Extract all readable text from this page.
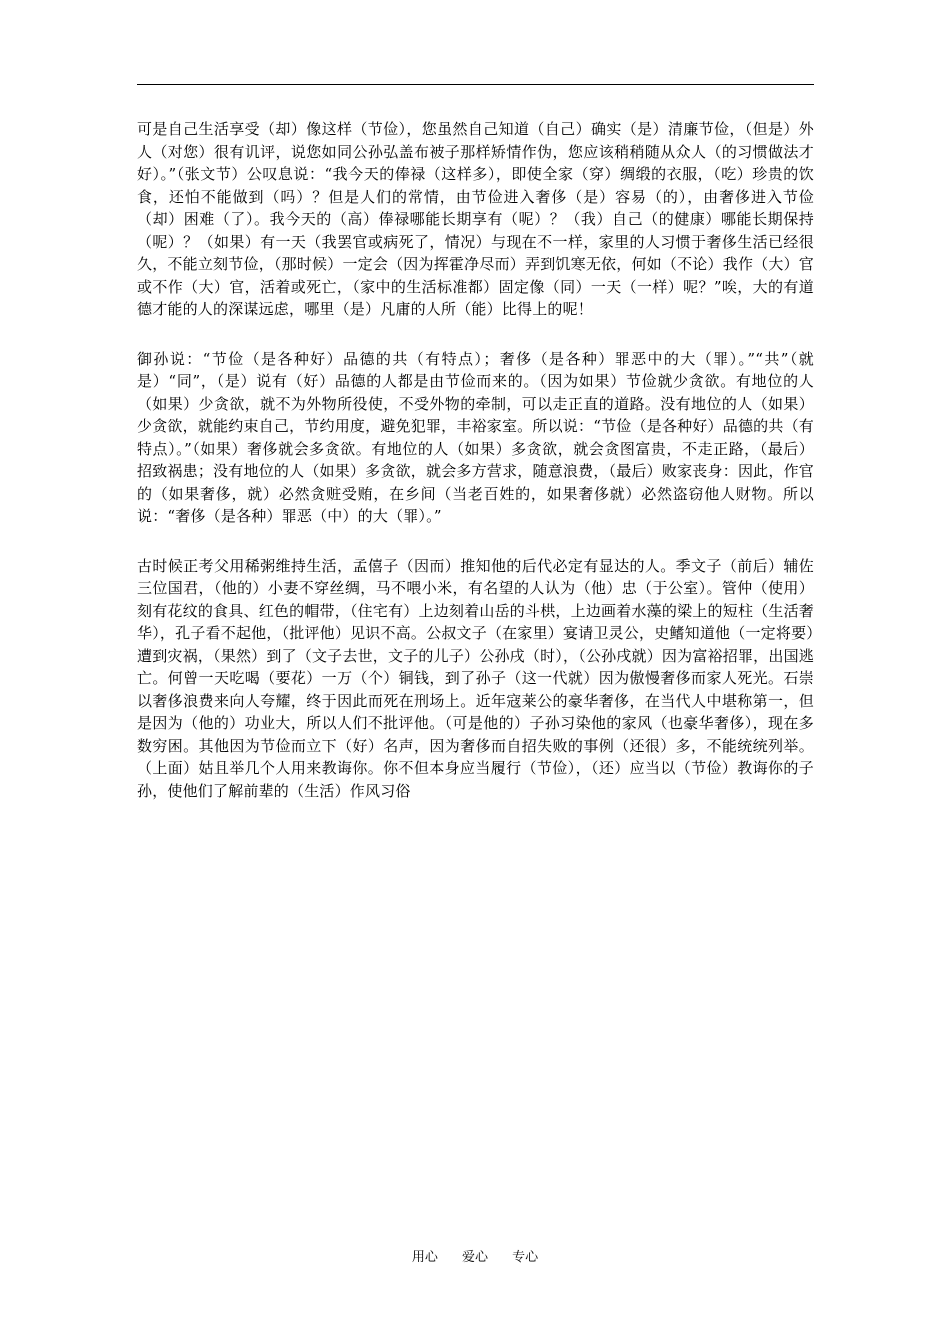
可是自己生活享受（却）像这样（节俭），您虽然自己知道（自己）确实（是）清廉节俭，（但是）外人（对您）很有讥评，说您如同公孙弘盖布被子那样矫情作伪，您应该稍稍随从众人（的习惯做法才好）。”（张文节）公叹息说：“我今天的俸禄（这样多），即使全家（穿）绸缎的衣服，（吃）珍贵的饮食，还怕不能做到（吗）？但是人们的常情，由节俭进入奢侈（是）容易（的），由奢侈进入节俭（却）困难（了）。我今天的（高）俸禄哪能长期享有（呢）？（我）自己（的健康）哪能长期保持（呢）？（如果）有一天（我罢官或病死了，情况）与现在不一样，家里的人习惯于奢侈生活已经很久，不能立刻节俭，（那时候）一定会（因为挥霍净尽而）弄到饥寒无依，何如（不论）我作（大）官或不作（大）官，活着或死亡，（家中的生活标准都）固定像（同）一天（一样）呢？”唉，大的有道德才能的人的深谋远虑，哪里（是）凡庸的人所（能）比得上的呢！

御孙说：“节俭（是各种好）品德的共（有特点）；奢侈（是各种）罪恶中的大（罪）。”“共”（就是）“同”，（是）说有（好）品德的人都是由节俭而来的。（因为如果）节俭就少贪欲。有地位的人（如果）少贪欲，就不为外物所役使，不受外物的牵制，可以走正直的道路。没有地位的人（如果）少贪欲，就能约束自己，节约用度，避免犯罪，丰裕家室。所以说：“节俭（是各种好）品德的共（有特点）。”（如果）奢侈就会多贪欲。有地位的人（如果）多贪欲，就会贪图富贵，不走正路，（最后）招致祸患；没有地位的人（如果）多贪欲，就会多方营求，随意浪费，（最后）败家丧身：因此，作官的（如果奢侈，就）必然贪赃受贿，在乡间（当老百姓的，如果奢侈就）必然盗窃他人财物。所以说：“奢侈（是各种）罪恶（中）的大（罪）。”

古时候正考父用稀粥维持生活，孟僖子（因而）推知他的后代必定有显达的人。季文子（前后）辅佐三位国君，（他的）小妻不穿丝绸，马不喂小米，有名望的人认为（他）忠（于公室）。管仲（使用）刻有花纹的食具、红色的帽带，（住宅有）上边刻着山岳的斗栱，上边画着水藻的梁上的短柱（生活奢华），孔子看不起他，（批评他）见识不高。公叔文子（在家里）宴请卫灵公，史鳍知道他（一定将要）遭到灾祸，（果然）到了（文子去世，文子的儿子）公孙戌（时），（公孙戌就）因为富裕招罪，出国逃亡。何曾一天吃喝（要花）一万（个）铜钱，到了孙子（这一代就）因为傲慢奢侈而家人死光。石崇以奢侈浪费来向人夸耀，终于因此而死在刑场上。近年寇莱公的豪华奢侈，在当代人中堪称第一，但是因为（他的）功业大，所以人们不批评他。（可是他的）子孙习染他的家风（也豪华奢侈），现在多数穷困。其他因为节俭而立下（好）名声，因为奢侈而自招失败的事例（还很）多，不能统统列举。（上面）姑且举几个人用来教诲你。你不但本身应当履行（节俭），（还）应当以（节俭）教诲你的子孙，使他们了解前辈的（生活）作风习俗

用心 爱心 专心
